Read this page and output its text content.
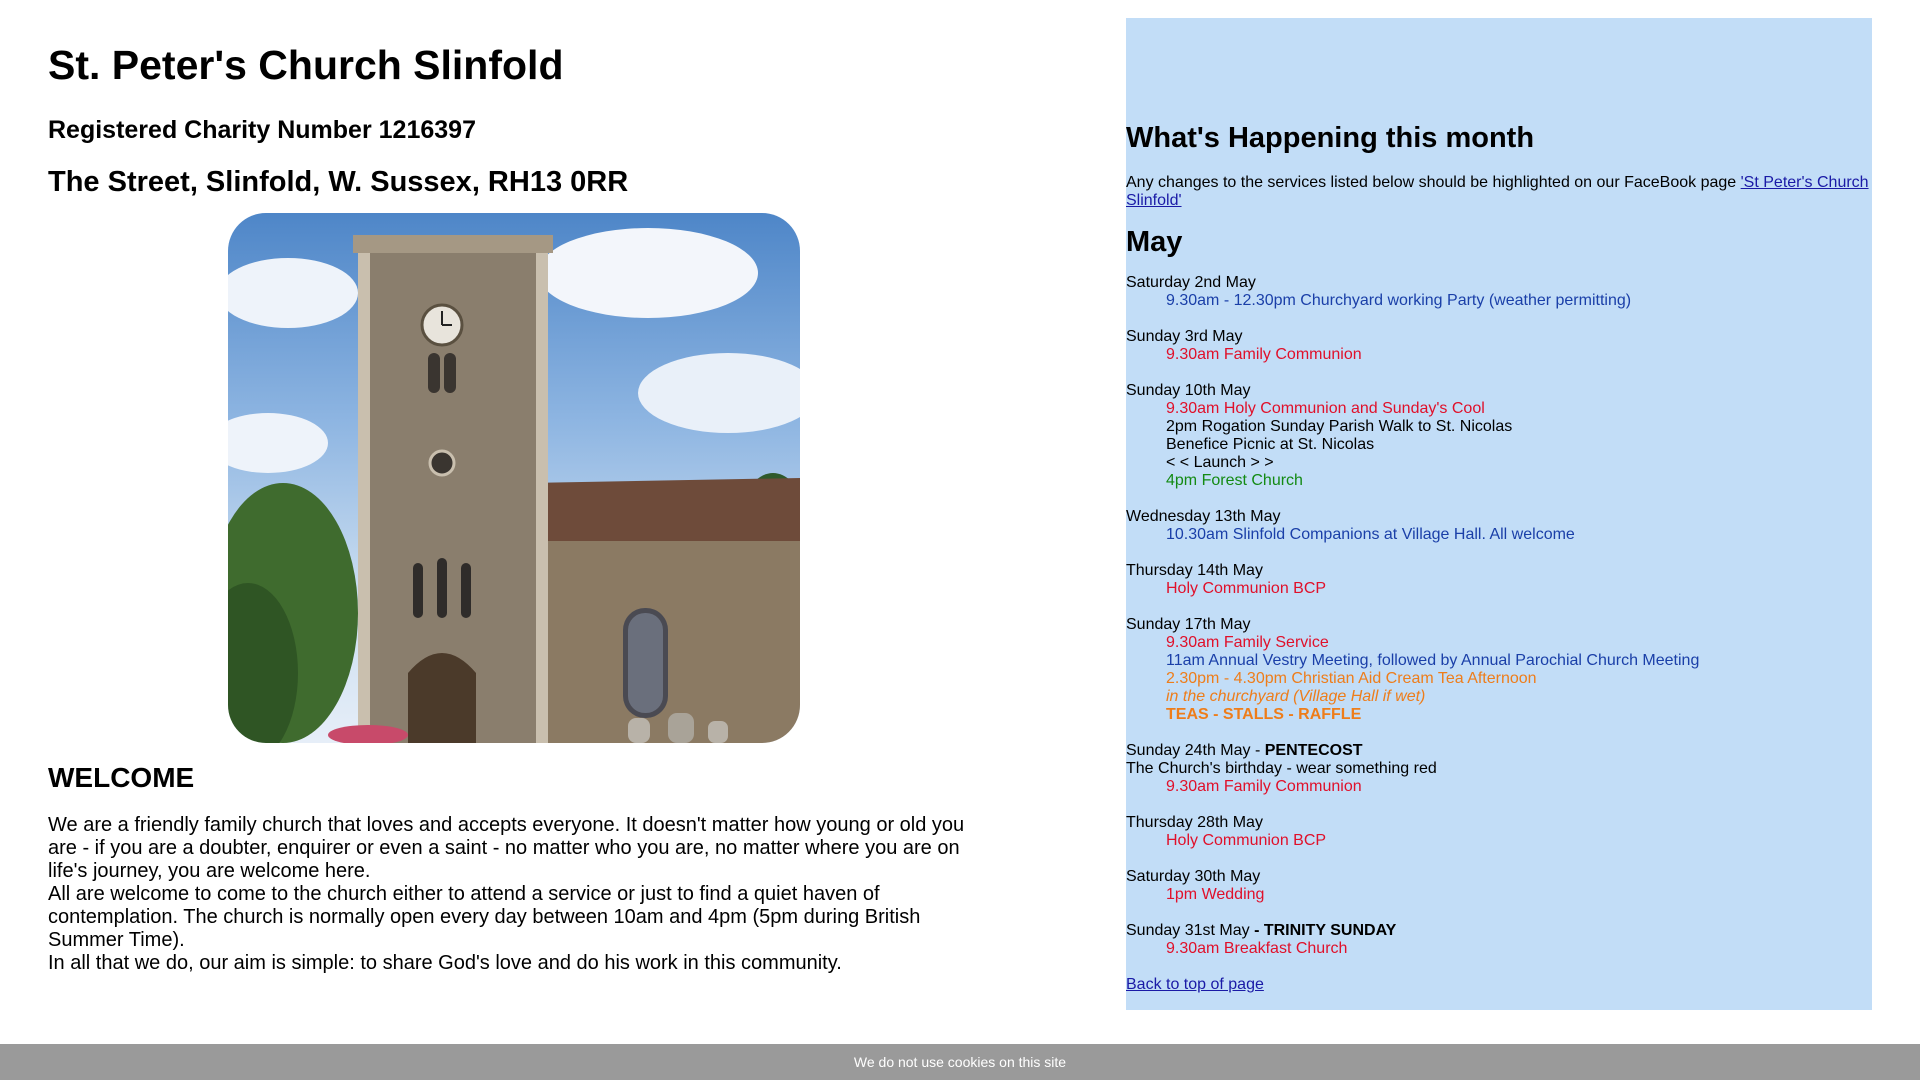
St. Peter's Church Slinfold
Registered Charity Number 1216397
The Street, Slinfold, W. Sussex, RH13 0RR
WELCOME

We are a friendly family church that loves and accepts everyone. It doesn't matter how young or old you are - if you are a doubter, enquirer or even a saint - no matter who you are, no matter where you are on life's journey, you are welcome here.

All are welcome to come to the church either to attend a service or just to find a quiet haven of contemplation. The church is normally open every day between 10am and 4pm (5pm during British Summer Time).

In all that we do, our aim is simple: to share God's love and do his work in this community.

What's Happening this month
Any changes to the services listed below should be highlighted on our FaceBook page 'St Peter's Church Slinfold'
May
Saturday 2nd May
9.30am - 12.30pm Churchyard working Party (weather permitting)
Sunday 3rd May
9.30am Family Communion
Sunday 10th May
9.30am Holy Communion and Sunday's Cool
2pm Rogation Sunday Parish Walk to St. Nicolas
Benefice Picnic at St. Nicolas
< < Launch > >
4pm Forest Church
Wednesday 13th May
10.30am Slinfold Companions at Village Hall. All welcome
Thursday 14th May
Holy Communion BCP
Sunday 17th May
9.30am Family Service
11am Annual Vestry Meeting, followed by Annual Parochial Church Meeting
2.30pm - 4.30pm Christian Aid Cream Tea Afternoon
in the churchyard (Village Hall if wet)
TEAS - STALLS - RAFFLE
Sunday 24th May - PENTECOST
The Church's birthday - wear something red
9.30am Family Communion
Thursday 28th May
Holy Communion BCP
Saturday 30th May
1pm Wedding
Sunday 31st May - TRINITY SUNDAY
9.30am Breakfast Church
Back to top of page
We do not use cookies on this site
